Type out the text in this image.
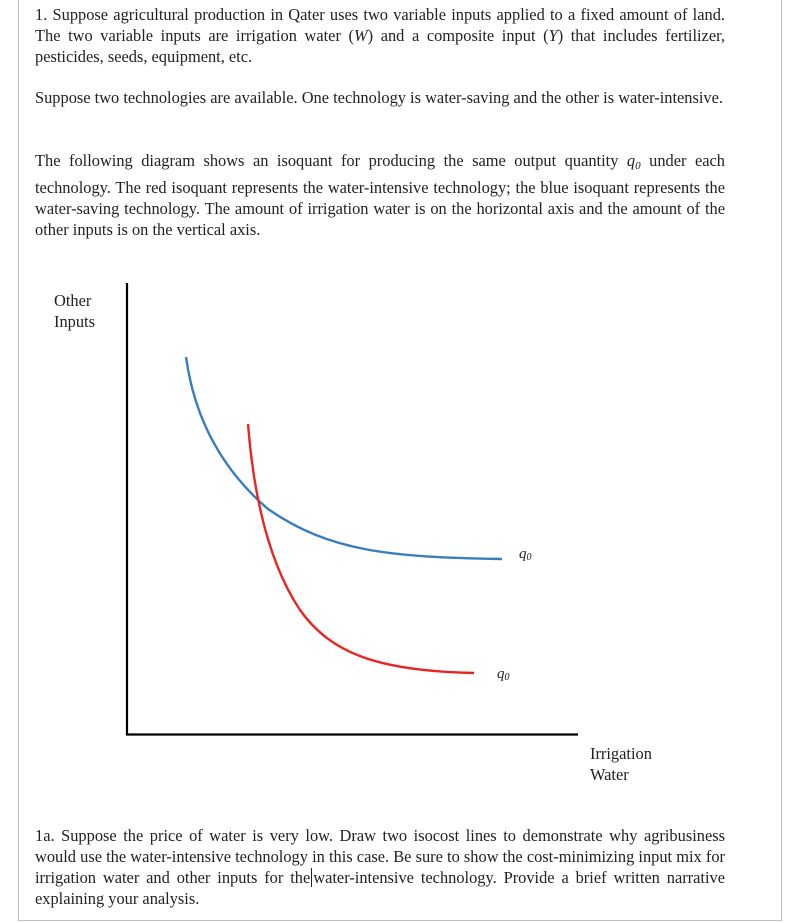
1. Suppose agricultural production in Qater uses two variable inputs applied to a fixed amount of land. The two variable inputs are irrigation water (W) and a composite input (Y) that includes fertilizer, pesticides, seeds, equipment, etc.

Suppose two technologies are available. One technology is water-saving and the other is water-intensive.

The following diagram shows an isoquant for producing the same output quantity $q_0$ under each technology. The red isoquant represents the water-intensive technology; the blue isoquant represents the water-saving technology. The amount of irrigation water is on the horizontal axis and the amount of the other inputs is on the vertical axis.

Other
Inputs
Irrigation
Water
q0
q0

1a. Suppose the price of water is very low. Draw two isocost lines to demonstrate why agribusiness would use the water-intensive technology in this case. Be sure to show the cost-minimizing input mix for irrigation water and other inputs for the water-intensive technology. Provide a brief written narrative explaining your analysis.
